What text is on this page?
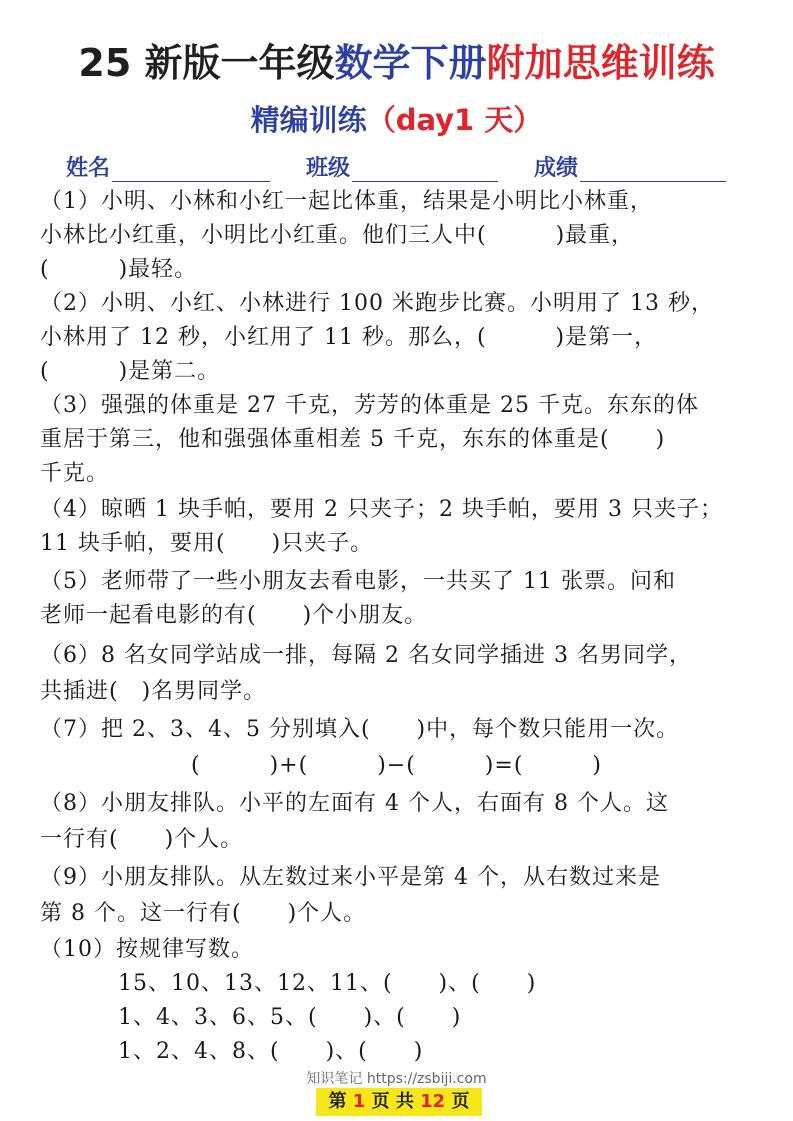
25 新版一年级数学下册附加思维训练
精编训练（day1 天）
姓名	班级	成绩
（1）小明、小林和小红一起比体重，结果是小明比小林重，
小林比小红重，小明比小红重。他们三人中(　　　)最重，
(　　　)最轻。
（2）小明、小红、小林进行 100 米跑步比赛。小明用了 13 秒，
小林用了 12 秒，小红用了 11 秒。那么，(　　　)是第一，
(　　　)是第二。
（3）强强的体重是 27 千克，芳芳的体重是 25 千克。东东的体
重居于第三，他和强强体重相差 5 千克，东东的体重是(　　)
千克。
（4）晾晒 1 块手帕，要用 2 只夹子；2 块手帕，要用 3 只夹子；
11 块手帕，要用(　　)只夹子。
（5）老师带了一些小朋友去看电影，一共买了 11 张票。问和
老师一起看电影的有(　　)个小朋友。
（6）8 名女同学站成一排，每隔 2 名女同学插进 3 名男同学，
共插进(　)名男同学。
（7）把 2、3、4、5 分别填入(　　)中，每个数只能用一次。
(　　　)+(　　　)−(　　　)=(　　　)
（8）小朋友排队。小平的左面有 4 个人，右面有 8 个人。这
一行有(　　)个人。
（9）小朋友排队。从左数过来小平是第 4 个，从右数过来是
第 8 个。这一行有(　　)个人。
（10）按规律写数。
15、10、13、12、11、(　　)、(　　)
1、4、3、6、5、(　　)、(　　)
1、2、4、8、(　　)、(　　)
知识笔记 https://zsbiji.com
第 1 页 共 12 页
